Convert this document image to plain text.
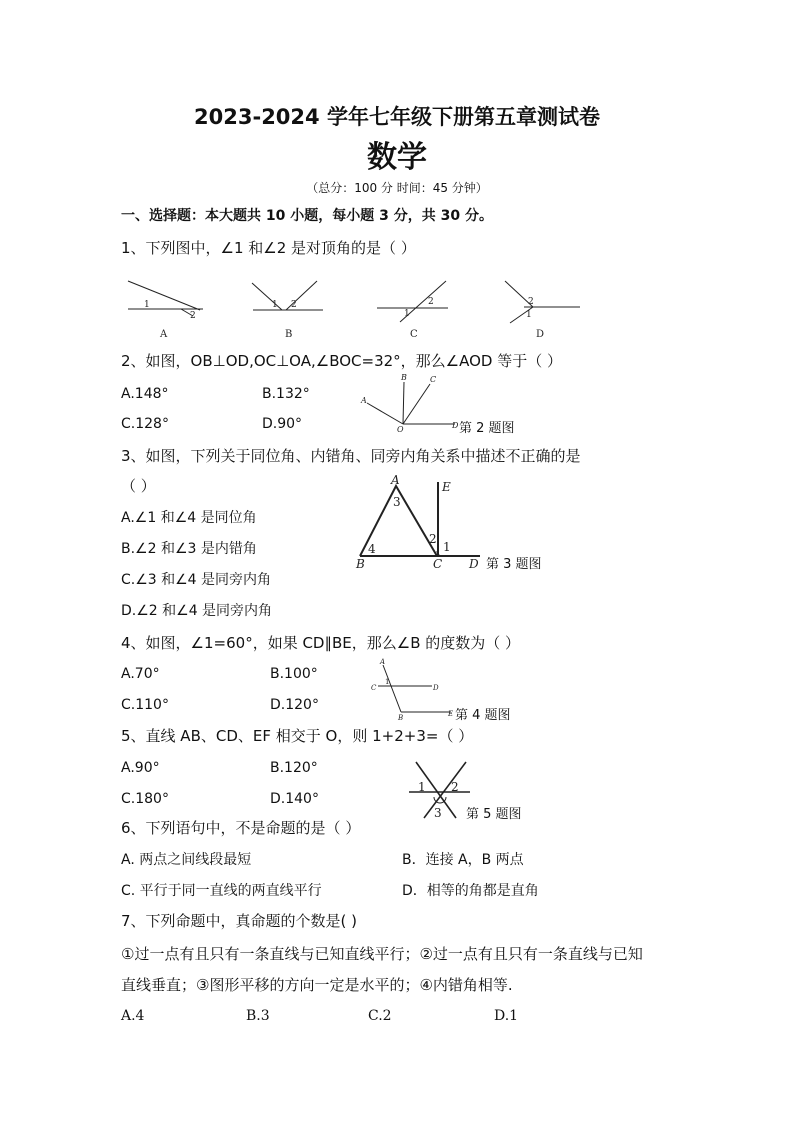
2023-2024 学年七年级下册第五章测试卷
数学
（总分：100 分 时间：45 分钟）
一、选择题：本大题共 10 小题，每小题 3 分，共 30 分。
1、下列图中，∠1 和∠2 是对顶角的是（ ）
1
2
A
1 2
B
1
2
C
2
1
D
2、如图，OB⊥OD,OC⊥OA,∠BOC=32°，那么∠AOD 等于（ ）
A.148°	B.132°
C.128°	D.90°
A
B	C
O	D 第 2 题图
3、如图，下列关于同位角、内错角、同旁内角关系中描述不正确的是
（ ）
A.∠1 和∠4 是同位角
B.∠2 和∠3 是内错角
C.∠3 和∠4 是同旁内角
D.∠2 和∠4 是同旁内角
A	E
B	C D
3
2
1
4
第 3 题图
4、如图，∠1=60°，如果 CD∥BE，那么∠B 的度数为（ ）
A.70°	B.100°
C.110°	D.120°
A
C
1
D
B	E 第 4 题图
5、直线 AB、CD、EF 相交于 O，则 1+2+3=（ ）
A.90°	B.120°
C.180°	D.140°
1 2
3 第 5 题图
6、下列语句中，不是命题的是（ ）
A. 两点之间线段最短	B．连接 A，B 两点
C. 平行于同一直线的两直线平行	D．相等的角都是直角
7、下列命题中，真命题的个数是( )
①过一点有且只有一条直线与已知直线平行；②过一点有且只有一条直线与已知
直线垂直；③图形平移的方向一定是水平的；④内错角相等.
A.4	B.3	C.2	D.1
